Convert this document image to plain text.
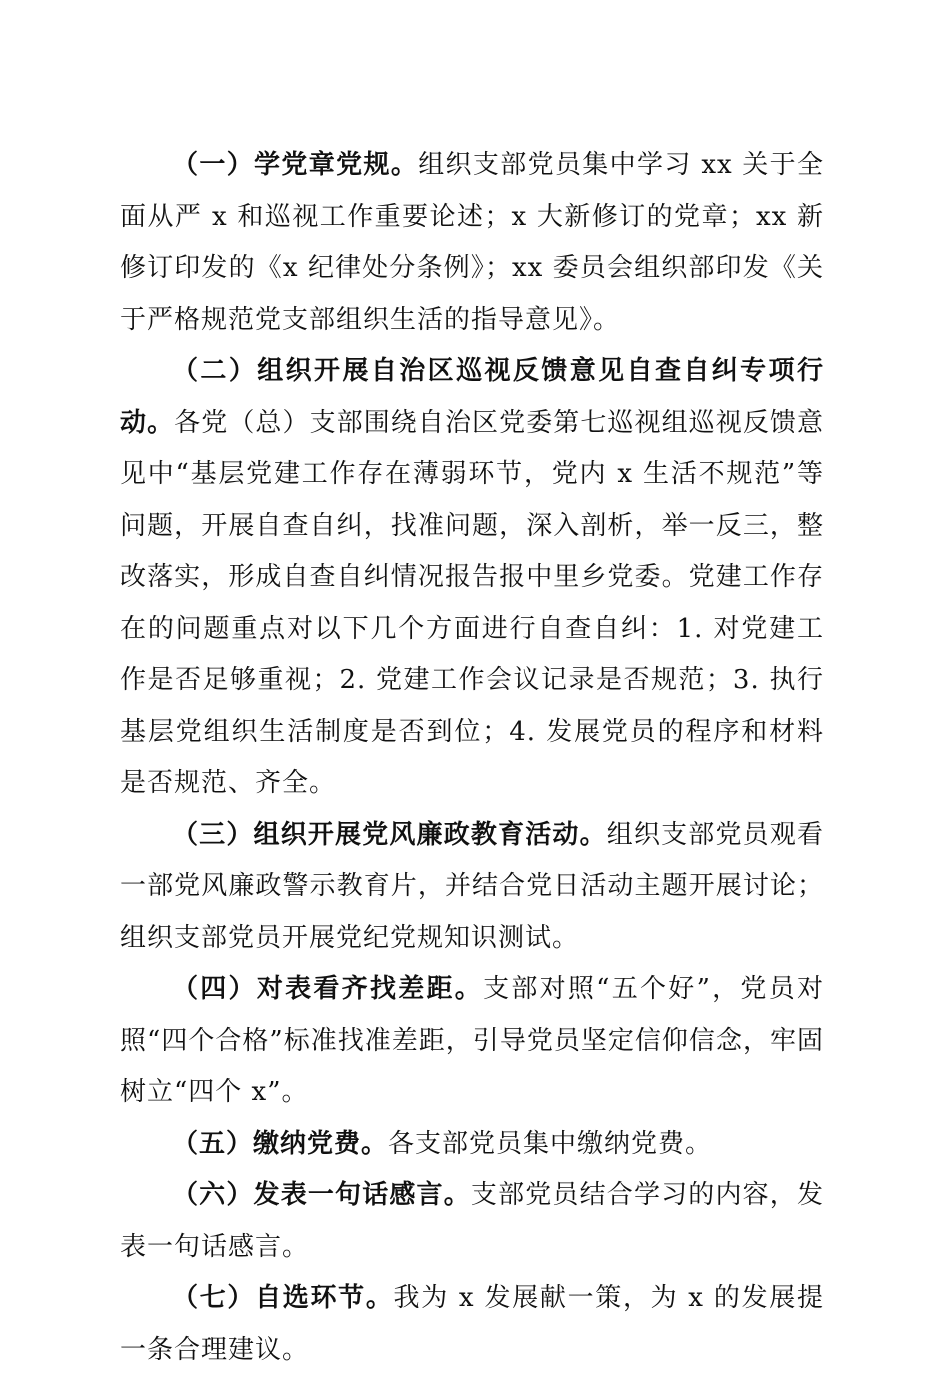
（一）学党章党规。组织支部党员集中学习 xx 关于全面从严 x 和巡视工作重要论述；x 大新修订的党章；xx 新修订印发的《x 纪律处分条例》；xx 委员会组织部印发《关于严格规范党支部组织生活的指导意见》。

（二）组织开展自治区巡视反馈意见自查自纠专项行动。各党（总）支部围绕自治区党委第七巡视组巡视反馈意见中“基层党建工作存在薄弱环节，党内 x 生活不规范”等问题，开展自查自纠，找准问题，深入剖析，举一反三，整改落实，形成自查自纠情况报告报中里乡党委。党建工作存在的问题重点对以下几个方面进行自查自纠：1. 对党建工作是否足够重视；2. 党建工作会议记录是否规范；3. 执行基层党组织生活制度是否到位；4. 发展党员的程序和材料是否规范、齐全。

（三）组织开展党风廉政教育活动。组织支部党员观看一部党风廉政警示教育片，并结合党日活动主题开展讨论；组织支部党员开展党纪党规知识测试。

（四）对表看齐找差距。支部对照“五个好”，党员对照“四个合格”标准找准差距，引导党员坚定信仰信念，牢固树立“四个 x”。

（五）缴纳党费。各支部党员集中缴纳党费。

（六）发表一句话感言。支部党员结合学习的内容，发表一句话感言。

（七）自选环节。我为 x 发展献一策，为 x 的发展提一条合理建议。
